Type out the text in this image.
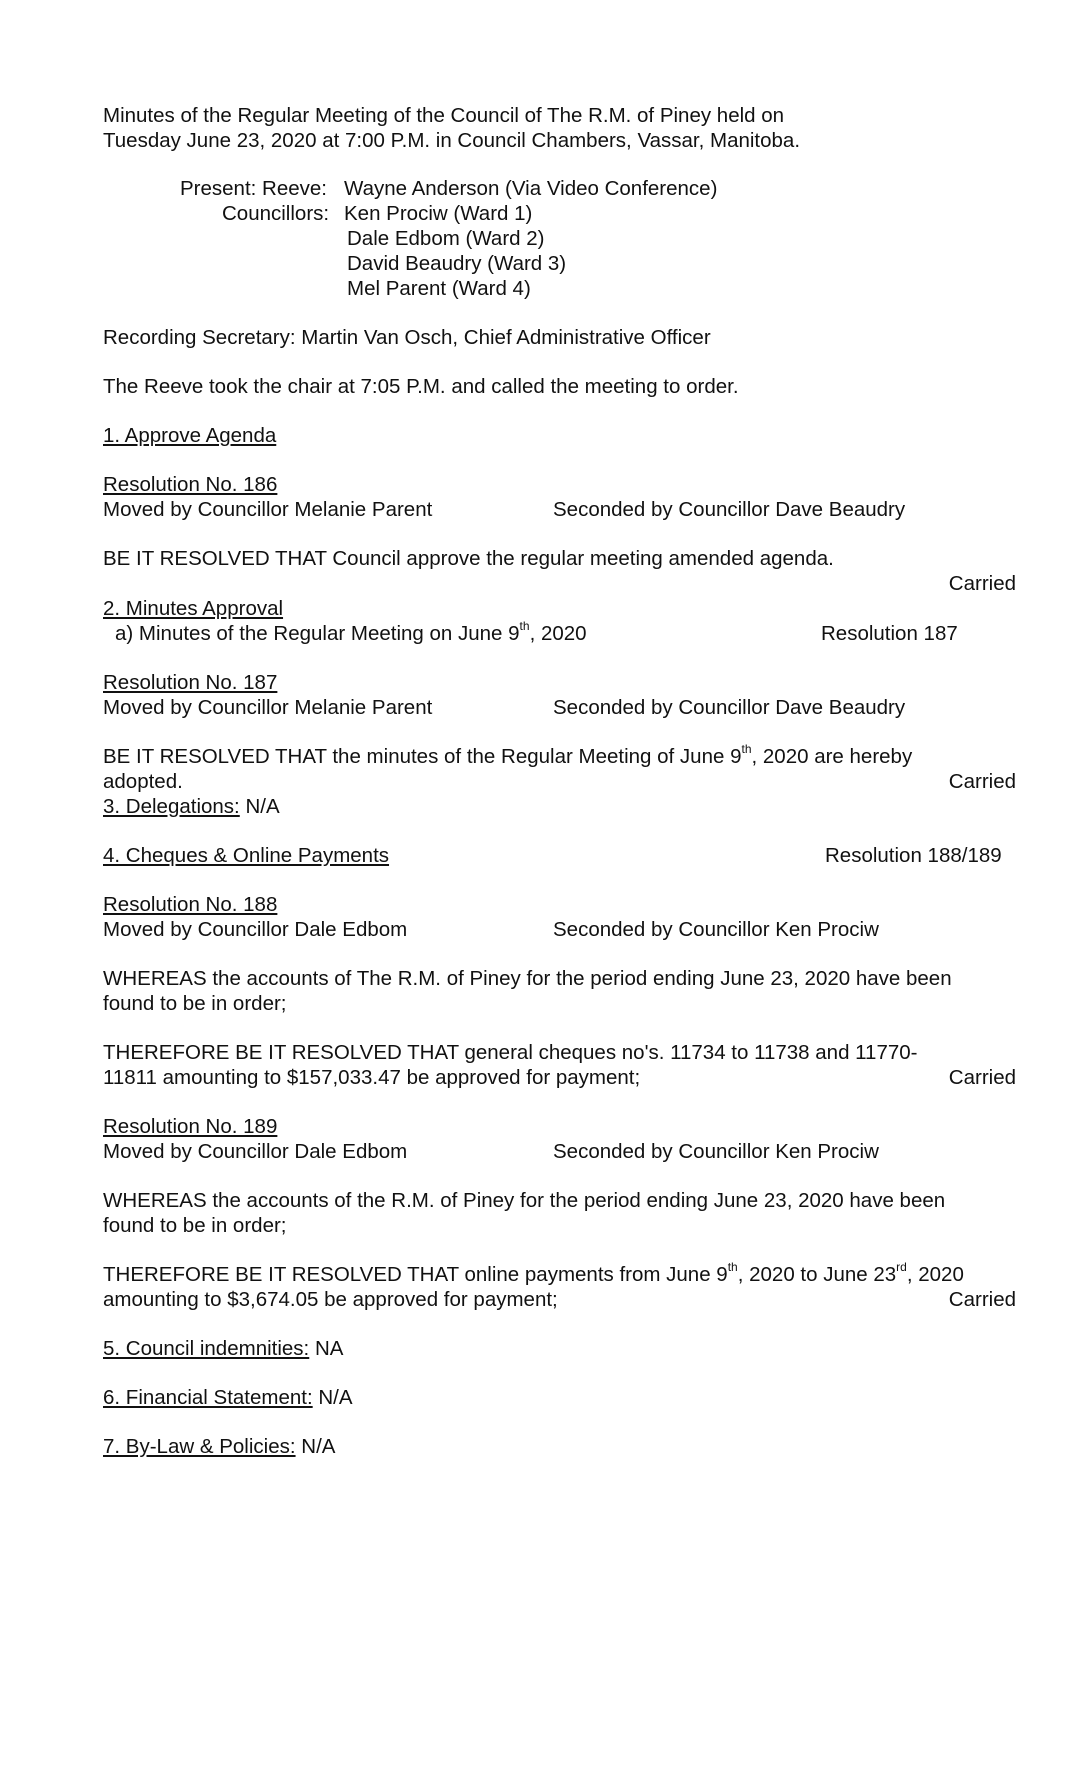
Minutes of the Regular Meeting of the Council of The R.M. of Piney held on
Tuesday June 23, 2020 at 7:00 P.M. in Council Chambers, Vassar, Manitoba.
Present: Reeve: Wayne Anderson (Via Video Conference)
Councillors: Ken Prociw (Ward 1)
Dale Edbom (Ward 2)
David Beaudry (Ward 3)
Mel Parent (Ward 4)
Recording Secretary: Martin Van Osch, Chief Administrative Officer
The Reeve took the chair at 7:05 P.M. and called the meeting to order.
1. Approve Agenda
Resolution No. 186
Moved by Councillor Melanie Parent	Seconded by Councillor Dave Beaudry
BE IT RESOLVED THAT Council approve the regular meeting amended agenda.
Carried
2. Minutes Approval
a) Minutes of the Regular Meeting on June 9th, 2020	Resolution 187
Resolution No. 187
Moved by Councillor Melanie Parent	Seconded by Councillor Dave Beaudry
BE IT RESOLVED THAT the minutes of the Regular Meeting of June 9th, 2020 are hereby
adopted.	Carried
3. Delegations: N/A
4. Cheques & Online Payments	Resolution 188/189
Resolution No. 188
Moved by Councillor Dale Edbom	Seconded by Councillor Ken Prociw
WHEREAS the accounts of The R.M. of Piney for the period ending June 23, 2020 have been
found to be in order;
THEREFORE BE IT RESOLVED THAT general cheques no's. 11734 to 11738 and 11770-
11811 amounting to $157,033.47 be approved for payment;	Carried
Resolution No. 189
Moved by Councillor Dale Edbom	Seconded by Councillor Ken Prociw
WHEREAS the accounts of the R.M. of Piney for the period ending June 23, 2020 have been
found to be in order;
THEREFORE BE IT RESOLVED THAT online payments from June 9th, 2020 to June 23rd, 2020
amounting to $3,674.05 be approved for payment;	Carried
5. Council indemnities: NA
6. Financial Statement: N/A
7. By-Law & Policies: N/A
